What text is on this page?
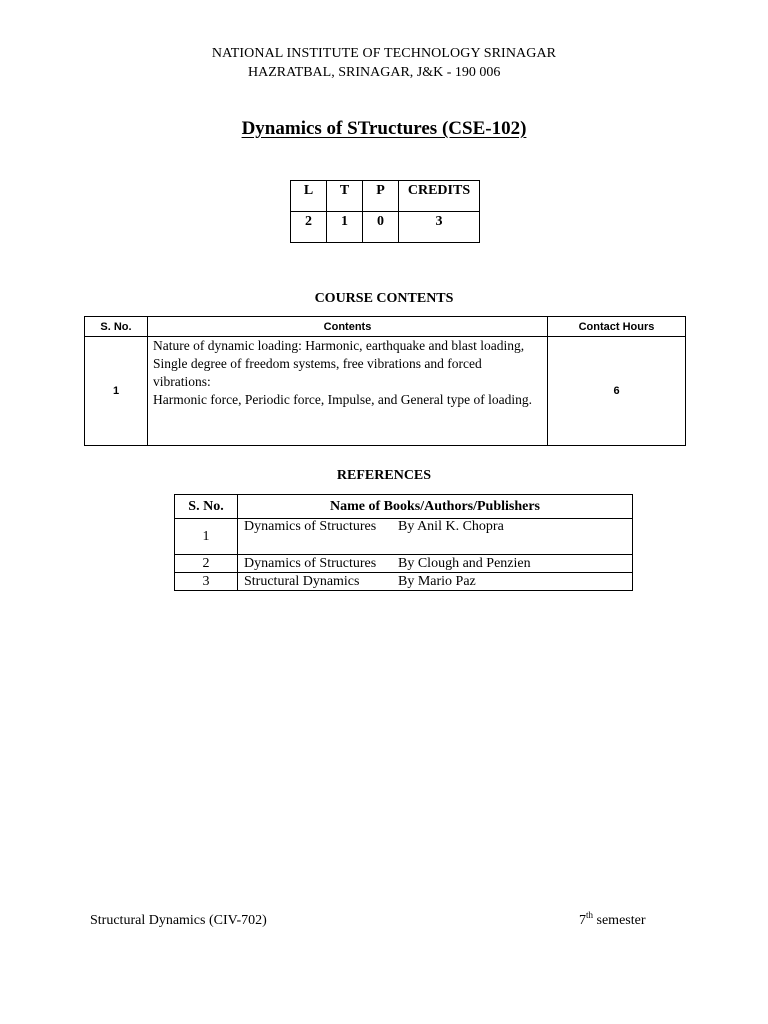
NATIONAL INSTITUTE OF TECHNOLOGY SRINAGAR
HAZRATBAL, SRINAGAR, J&K - 190 006
Dynamics of STructures (CSE-102)
L	T	P	CREDITS
2	1	0	3
COURSE CONTENTS
S. No.	Contents	Contact Hours
1	Nature of dynamic loading: Harmonic, earthquake and blast loading,
Single degree of freedom systems, free vibrations and forced vibrations:
Harmonic force, Periodic force, Impulse, and General type of loading.	6
REFERENCES
S. No.	Name of Books/Authors/Publishers
1	Dynamics of Structures By Anil K. Chopra
2	Dynamics of Structures By Clough and Penzien
3	Structural Dynamics By Mario Paz
Structural Dynamics (CIV-702)	7th semester
